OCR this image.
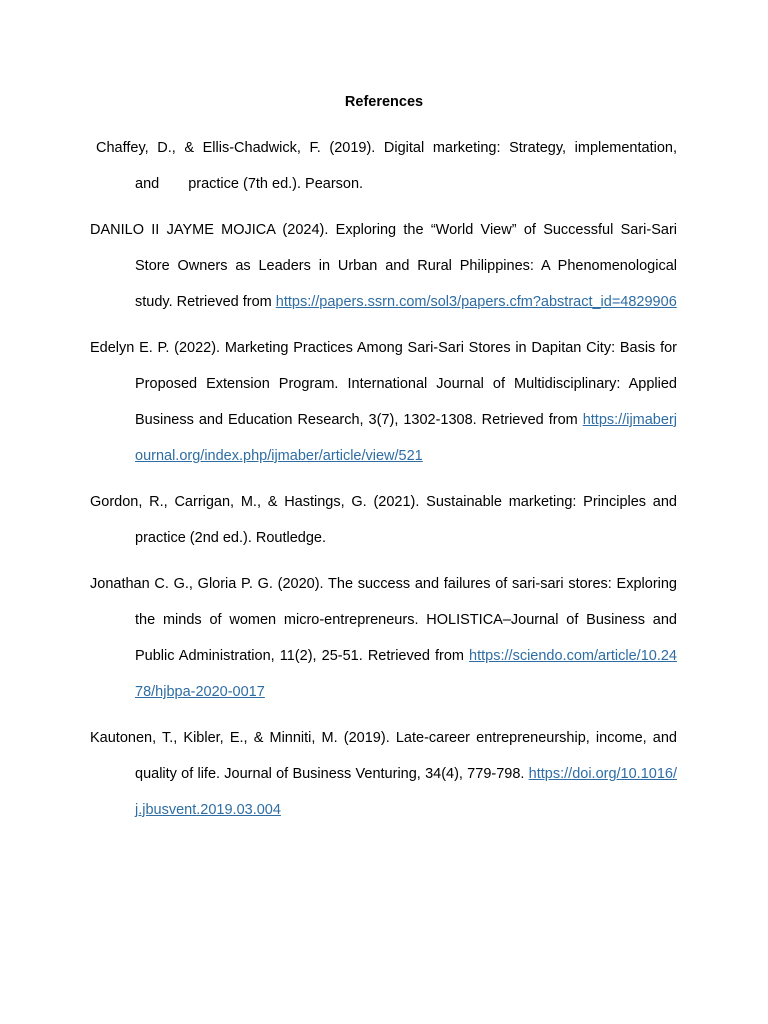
References

Chaffey, D., & Ellis-Chadwick, F. (2019). Digital marketing: Strategy, implementation, and  practice (7th ed.). Pearson.

DANILO II JAYME MOJICA (2024). Exploring the “World View” of Successful Sari-Sari Store Owners as Leaders in Urban and Rural Philippines: A Phenomenological study. Retrieved from https://papers.ssrn.com/sol3/papers.cfm?abstract_id=4829906

Edelyn E. P. (2022). Marketing Practices Among Sari-Sari Stores in Dapitan City: Basis for Proposed Extension Program. International Journal of Multidisciplinary: Applied Business and Education Research, 3(7), 1302-1308. Retrieved from https://ijmaberjournal.org/index.php/ijmaber/article/view/521

Gordon, R., Carrigan, M., & Hastings, G. (2021). Sustainable marketing: Principles and practice (2nd ed.). Routledge.

Jonathan C. G., Gloria P. G. (2020). The success and failures of sari-sari stores: Exploring the minds of women micro-entrepreneurs. HOLISTICA–Journal of Business and Public Administration, 11(2), 25-51. Retrieved from https://sciendo.com/article/10.2478/hjbpa-2020-0017

Kautonen, T., Kibler, E., & Minniti, M. (2019). Late-career entrepreneurship, income, and quality of life. Journal of Business Venturing, 34(4), 779-798. https://doi.org/10.1016/j.jbusvent.2019.03.004
